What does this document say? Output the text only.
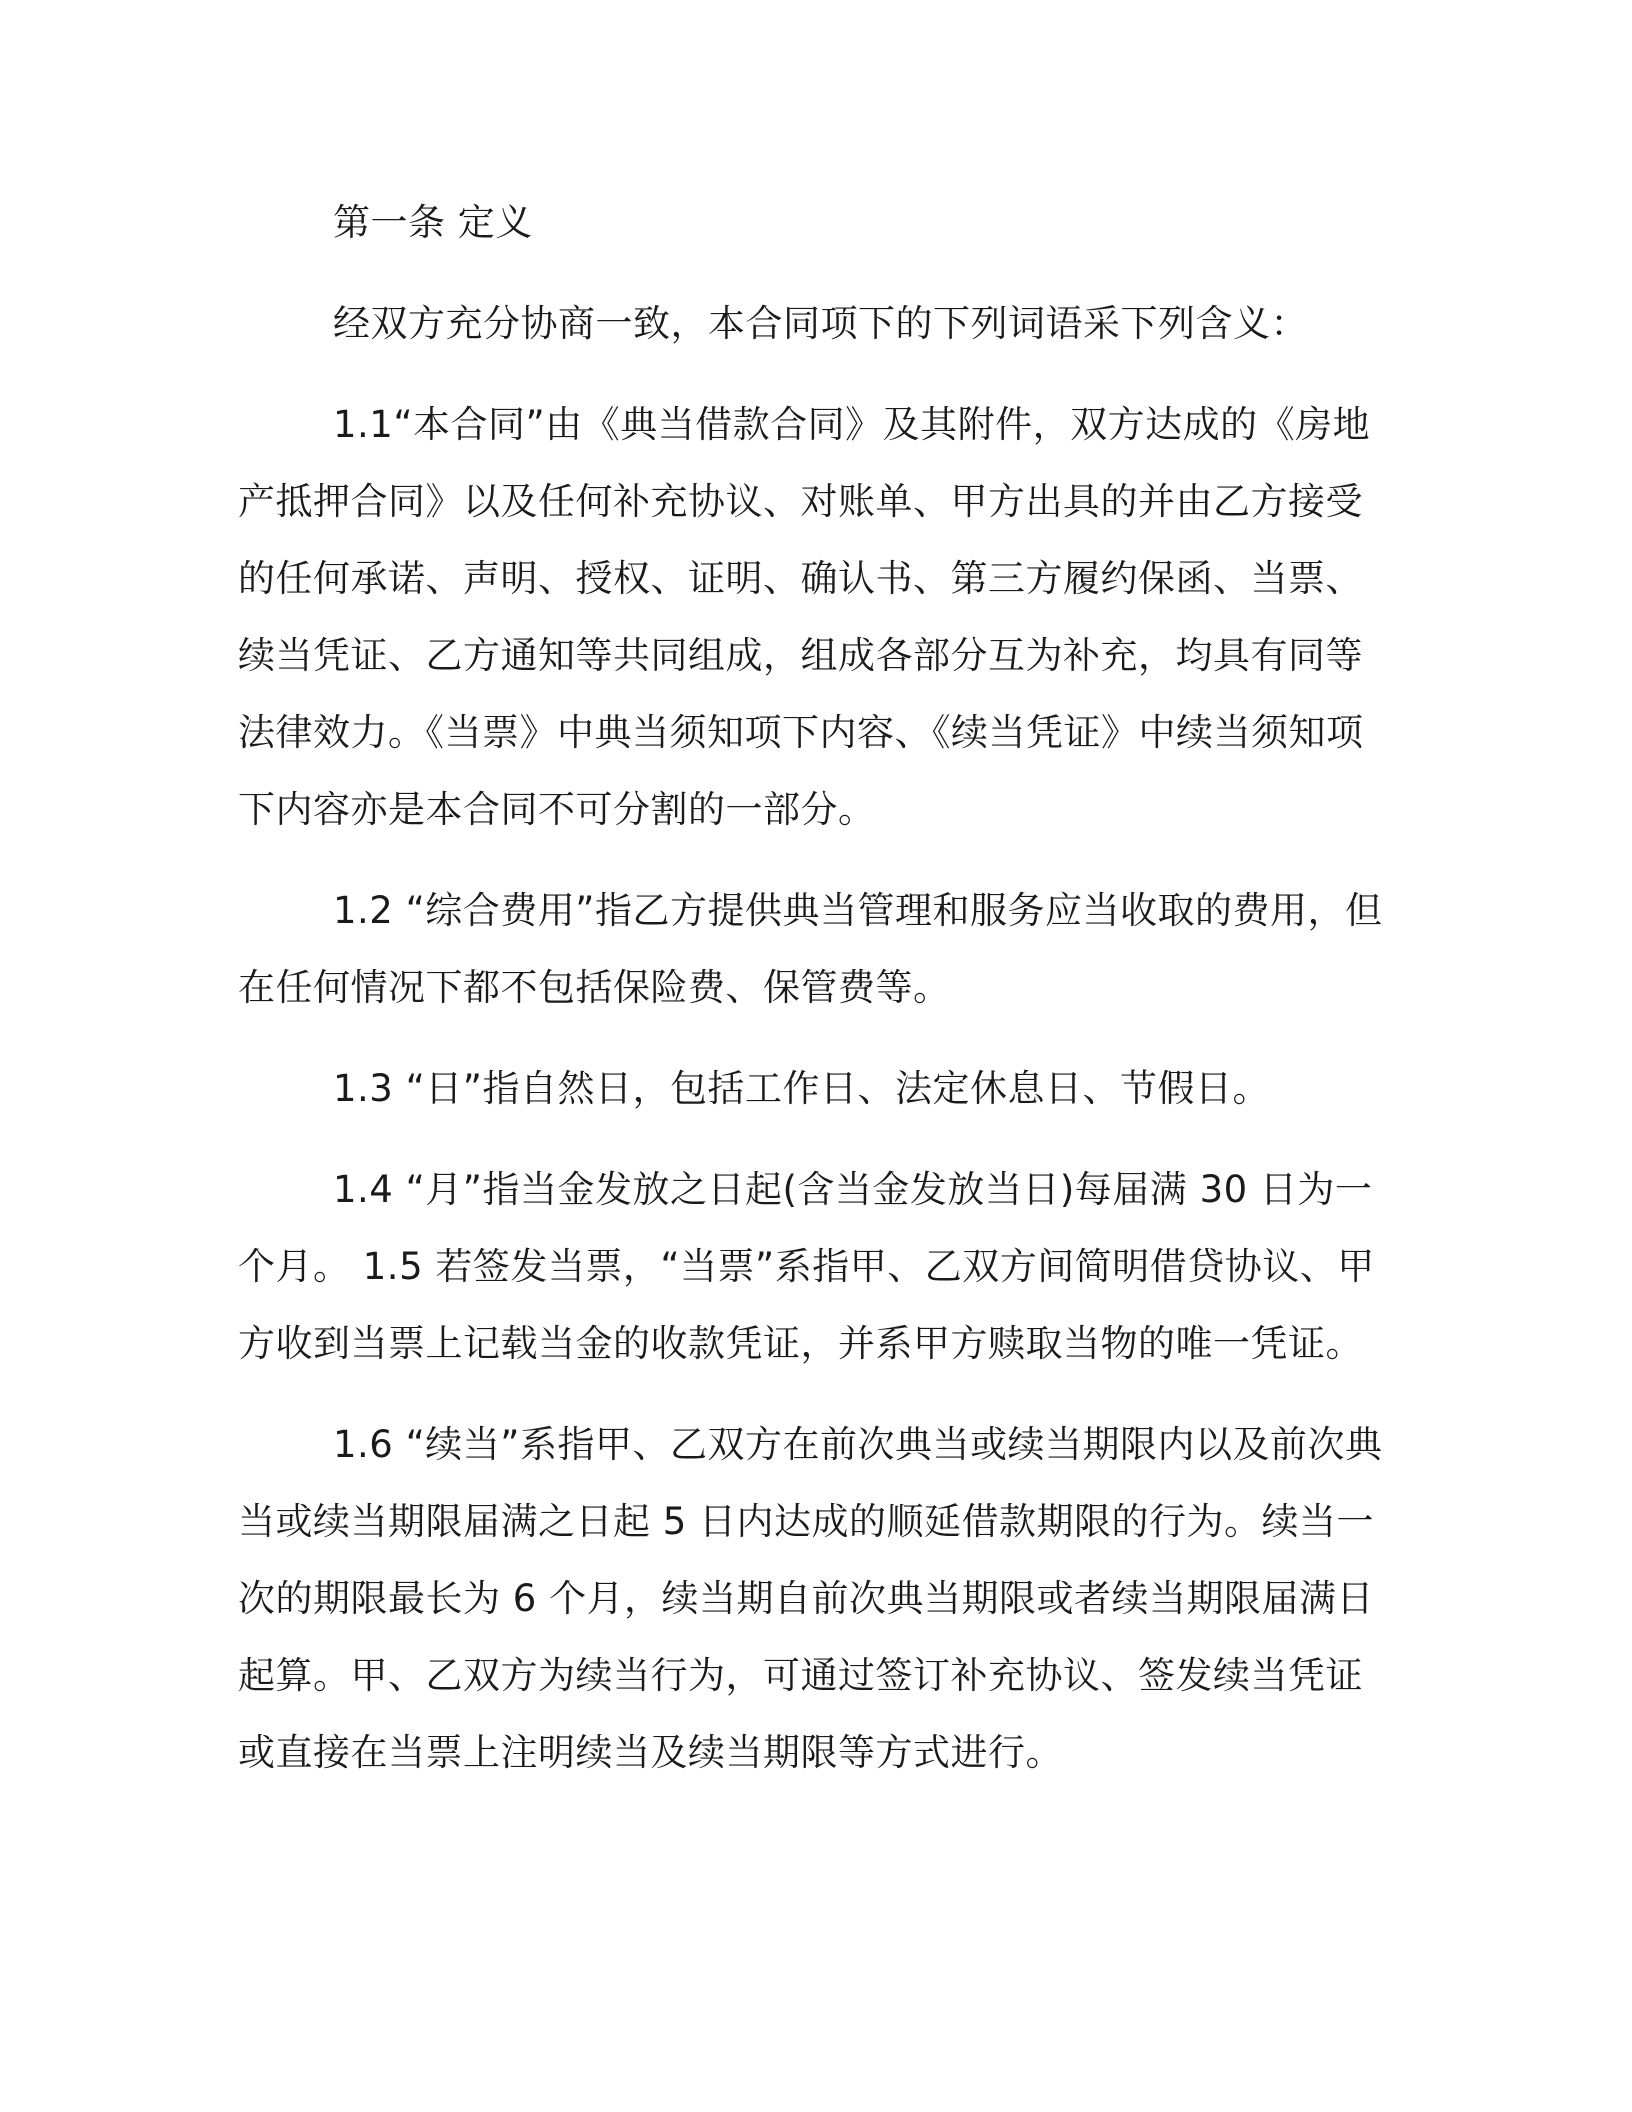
第一条 定义

经双方充分协商一致，本合同项下的下列词语采下列含义：

1.1“本合同”由《典当借款合同》及其附件，双方达成的《房地产抵押合同》以及任何补充协议、对账单、甲方出具的并由乙方接受的任何承诺、声明、授权、证明、确认书、第三方履约保函、当票、续当凭证、乙方通知等共同组成，组成各部分互为补充，均具有同等法律效力。《当票》中典当须知项下内容、《续当凭证》中续当须知项下内容亦是本合同不可分割的一部分。

1.2 “综合费用”指乙方提供典当管理和服务应当收取的费用，但在任何情况下都不包括保险费、保管费等。

1.3 “日”指自然日，包括工作日、法定休息日、节假日。

1.4 “月”指当金发放之日起(含当金发放当日)每届满 30 日为一个月。 1.5 若签发当票，“当票”系指甲、乙双方间简明借贷协议、甲方收到当票上记载当金的收款凭证，并系甲方赎取当物的唯一凭证。

1.6 “续当”系指甲、乙双方在前次典当或续当期限内以及前次典当或续当期限届满之日起 5 日内达成的顺延借款期限的行为。续当一次的期限最长为 6 个月，续当期自前次典当期限或者续当期限届满日起算。甲、乙双方为续当行为，可通过签订补充协议、签发续当凭证或直接在当票上注明续当及续当期限等方式进行。
